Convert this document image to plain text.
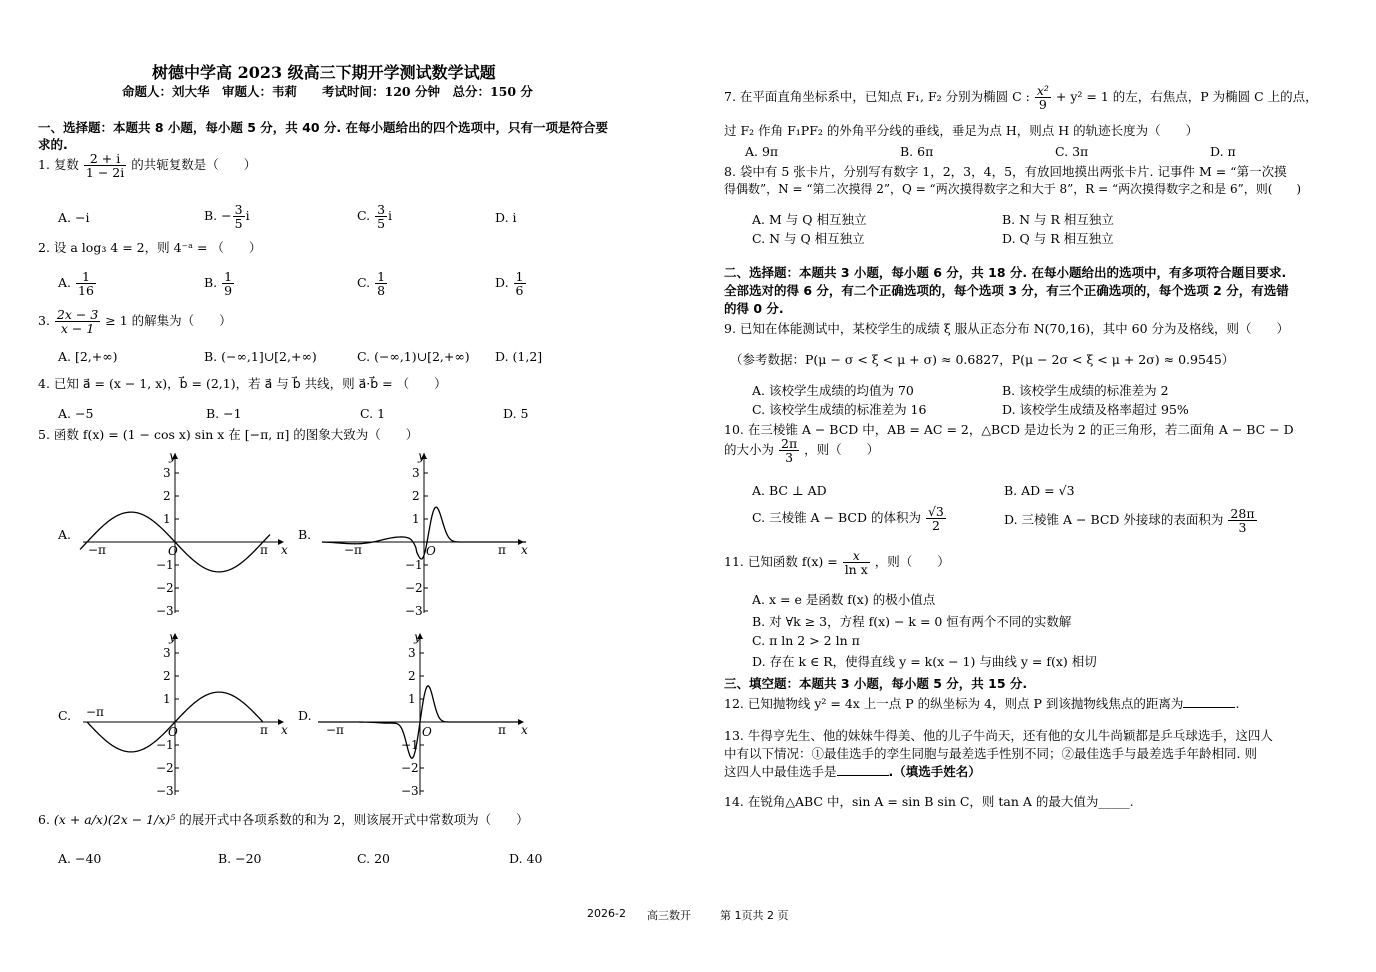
树德中学高 2023 级高三下期开学测试数学试题
命题人：刘大华　审题人：韦莉　　考试时间：120 分钟　总分：150 分
一、选择题：本题共 8 小题，每小题 5 分，共 40 分. 在每小题给出的四个选项中，只有一项是符合要
求的.
1. 复数 $\frac{2 + i}{1 - 2i}$ 的共轭复数是（　　）
A. −i	B. − $\frac{3}{5}$ i	C. $\frac{3}{5}$ i	D. i
2. 设 a log₃ 4 = 2，则 4⁻ᵃ = （　　）
A. $\frac{1}{16}$	B. $\frac{1}{9}$	C. $\frac{1}{8}$	D. $\frac{1}{6}$
3. $\frac{2x - 3}{x - 1} \ge 1$ 的解集为（　　）
A. [2,+∞)	B. (−∞,1]∪[2,+∞)	C. (−∞,1)∪[2,+∞) D. (1,2]
4. 已知 a⃗ = (x − 1, x)，b⃗ = (2,1)，若 a⃗ 与 b⃗ 共线，则 a⃗·b⃗ = （　　）
A. −5	B. −1	C. 1	D. 5
5. 函数 f(x) = (1 − cos x) sin x 在 [−π, π] 的图象大致为（　　）
A.
3
2
1
−1
−2
−3
y
x
O
−π	π
B.
3
2
1
−1
−2
−3
y
x
O
−π	π
C.
3
2
1
−1
−2
−3
y
x
O
−π
π
D.
3
2
1
−1
−2
−3
y
x
O
−π	π
6. (x + a/x)(2x − 1/x)⁵ 的展开式中各项系数的和为 2，则该展开式中常数项为（　　）
A. −40	B. −20	C. 20	D. 40
7. 在平面直角坐标系中，已知点 F₁, F₂ 分别为椭圆 C : $\frac{\text{x²}}{9} + y^2 = 1$ 的左，右焦点，P 为椭圆 C 上的点，
过 F₂ 作角 F₁PF₂ 的外角平分线的垂线，垂足为点 H，则点 H 的轨迹长度为（　　）
A. 9π	B. 6π	C. 3π	D. π
8. 袋中有 5 张卡片，分别写有数字 1，2，3，4，5，有放回地摸出两张卡片. 记事件 M = “第一次摸
得偶数”，N = “第二次摸得 2”，Q = “两次摸得数字之和大于 8”，R = “两次摸得数字之和是 6”，则(　　)
A. M 与 Q 相互独立	B. N 与 R 相互独立
C. N 与 Q 相互独立	D. Q 与 R 相互独立
二、选择题：本题共 3 小题，每小题 6 分，共 18 分. 在每小题给出的选项中，有多项符合题目要求.
全部选对的得 6 分，有二个正确选项的，每个选项 3 分，有三个正确选项的，每个选项 2 分，有选错
的得 0 分.
9. 已知在体能测试中，某校学生的成绩 ξ 服从正态分布 N(70,16)，其中 60 分为及格线，则（　　）
（参考数据：P(μ − σ < ξ < μ + σ) ≈ 0.6827，P(μ − 2σ < ξ < μ + 2σ) ≈ 0.9545）
A. 该校学生成绩的均值为 70	B. 该校学生成绩的标准差为 2
C. 该校学生成绩的标准差为 16	D. 该校学生成绩及格率超过 95%
10. 在三棱锥 A − BCD 中，AB = AC = 2，△BCD 是边长为 2 的正三角形，若二面角 A − BC − D
的大小为 $\frac{2\pi}{3}$ ，则（　　）
A. BC ⊥ AD	B. AD = √3
C. 三棱锥 A − BCD 的体积为 $\frac{√3}{2}$	D. 三棱锥 A − BCD 外接球的表面积为 $\frac{28\pi}{3}$
11. 已知函数 $f(x) = \frac{x}{\text{ln x}}$ ，则（　　）
A. x = e 是函数 f(x) 的极小值点
B. 对 ∀k ≥ 3，方程 f(x) − k = 0 恒有两个不同的实数解
C. π ln 2 > 2 ln π
D. 存在 k ∈ R，使得直线 y = k(x − 1) 与曲线 y = f(x) 相切
三、填空题：本题共 3 小题，每小题 5 分，共 15 分.
12. 已知抛物线 y² = 4x 上一点 P 的纵坐标为 4，则点 P 到该抛物线焦点的距离为	.
13. 牛得亨先生、他的妹妹牛得美、他的儿子牛尚天，还有他的女儿牛尚颖都是乒乓球选手，这四人
中有以下情况：①最佳选手的孪生同胞与最差选手性别不同；②最佳选手与最差选手年龄相同. 则
这四人中最佳选手是	.（填选手姓名）
14. 在锐角△ABC 中，sin A = sin B sin C，则 tan A 的最大值为_____.
2026-2 高三数开	第 1页共 2 页
